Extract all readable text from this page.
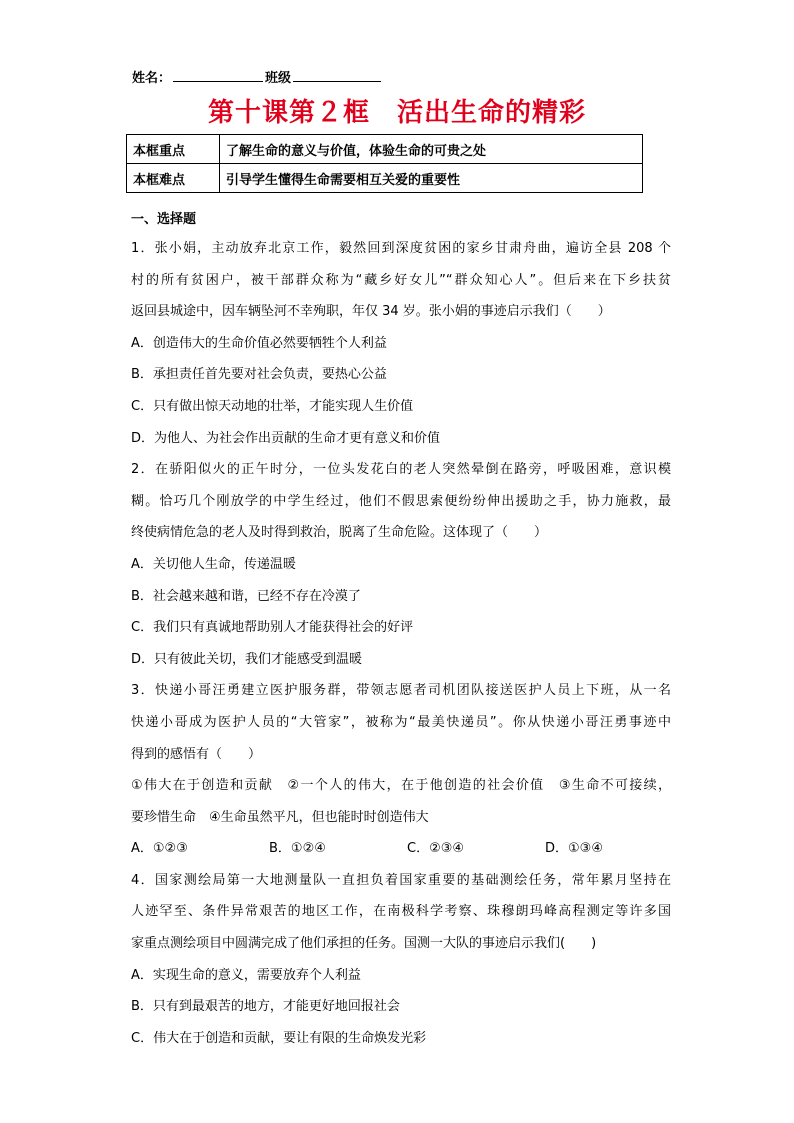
姓名：	班级
第十课第２框　活出生命的精彩
本框重点	了解生命的意义与价值，体验生命的可贵之处
本框难点	引导学生懂得生命需要相互关爱的重要性
一、选择题
1．张小娟，主动放弃北京工作，毅然回到深度贫困的家乡甘肃舟曲，遍访全县 208 个
村的所有贫困户，被干部群众称为“藏乡好女儿”“群众知心人”。但后来在下乡扶贫
返回县城途中，因车辆坠河不幸殉职，年仅 34 岁。张小娟的事迹启示我们（　　）
A．创造伟大的生命价值必然要牺牲个人利益
B．承担责任首先要对社会负责，要热心公益
C．只有做出惊天动地的壮举，才能实现人生价值
D．为他人、为社会作出贡献的生命才更有意义和价值
2．在骄阳似火的正午时分，一位头发花白的老人突然晕倒在路旁，呼吸困难，意识模
糊。恰巧几个刚放学的中学生经过，他们不假思索便纷纷伸出援助之手，协力施救，最
终使病情危急的老人及时得到救治，脱离了生命危险。这体现了（　　）
A．关切他人生命，传递温暖
B．社会越来越和谐，已经不存在冷漠了
C．我们只有真诚地帮助别人才能获得社会的好评
D．只有彼此关切，我们才能感受到温暖
3．快递小哥汪勇建立医护服务群，带领志愿者司机团队接送医护人员上下班，从一名
快递小哥成为医护人员的“大管家”，被称为“最美快递员”。你从快递小哥汪勇事迹中
得到的感悟有（　　）
①伟大在于创造和贡献　②一个人的伟大，在于他创造的社会价值　③生命不可接续，
要珍惜生命　④生命虽然平凡，但也能时时创造伟大
A．①②③	B．①②④	C．②③④	D．①③④
4．国家测绘局第一大地测量队一直担负着国家重要的基础测绘任务，常年累月坚持在
人迹罕至、条件异常艰苦的地区工作，在南极科学考察、珠穆朗玛峰高程测定等许多国
家重点测绘项目中圆满完成了他们承担的任务。国测一大队的事迹启示我们(　　)
A．实现生命的意义，需要放弃个人利益
B．只有到最艰苦的地方，才能更好地回报社会
C．伟大在于创造和贡献，要让有限的生命焕发光彩
